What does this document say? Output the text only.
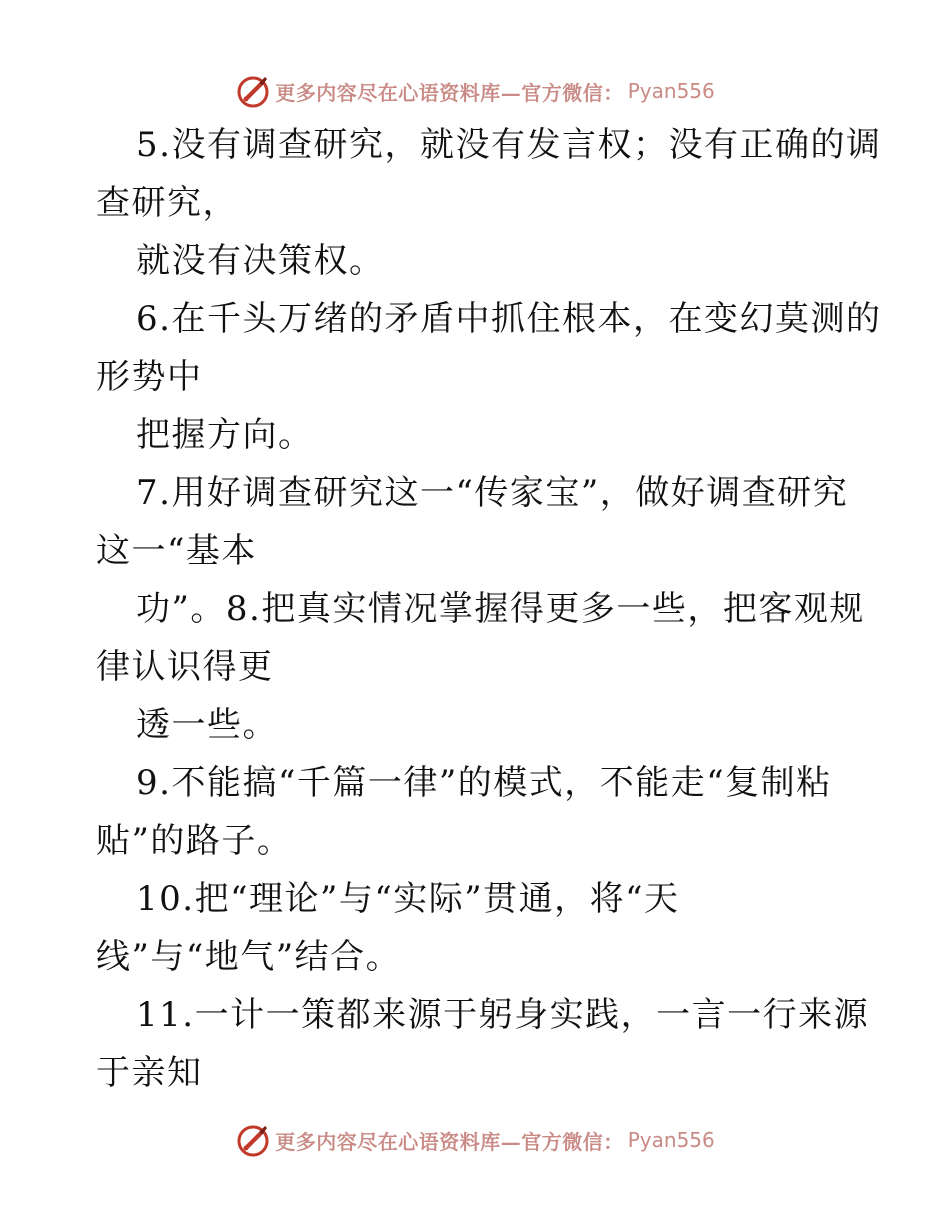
更多内容尽在心语资料库—官方微信： Pyan556
5.没有调查研究，就没有发言权；没有正确的调
查研究，
就没有决策权。
6.在千头万绪的矛盾中抓住根本，在变幻莫测的
形势中
把握方向。
7.用好调查研究这一“传家宝”，做好调查研究
这一“基本
功”。8.把真实情况掌握得更多一些，把客观规
律认识得更
透一些。
9.不能搞“千篇一律”的模式，不能走“复制粘
贴”的路子。
10.把“理论”与“实际”贯通，将“天
线”与“地气”结合。
11.一计一策都来源于躬身实践，一言一行来源
于亲知
更多内容尽在心语资料库—官方微信： Pyan556
